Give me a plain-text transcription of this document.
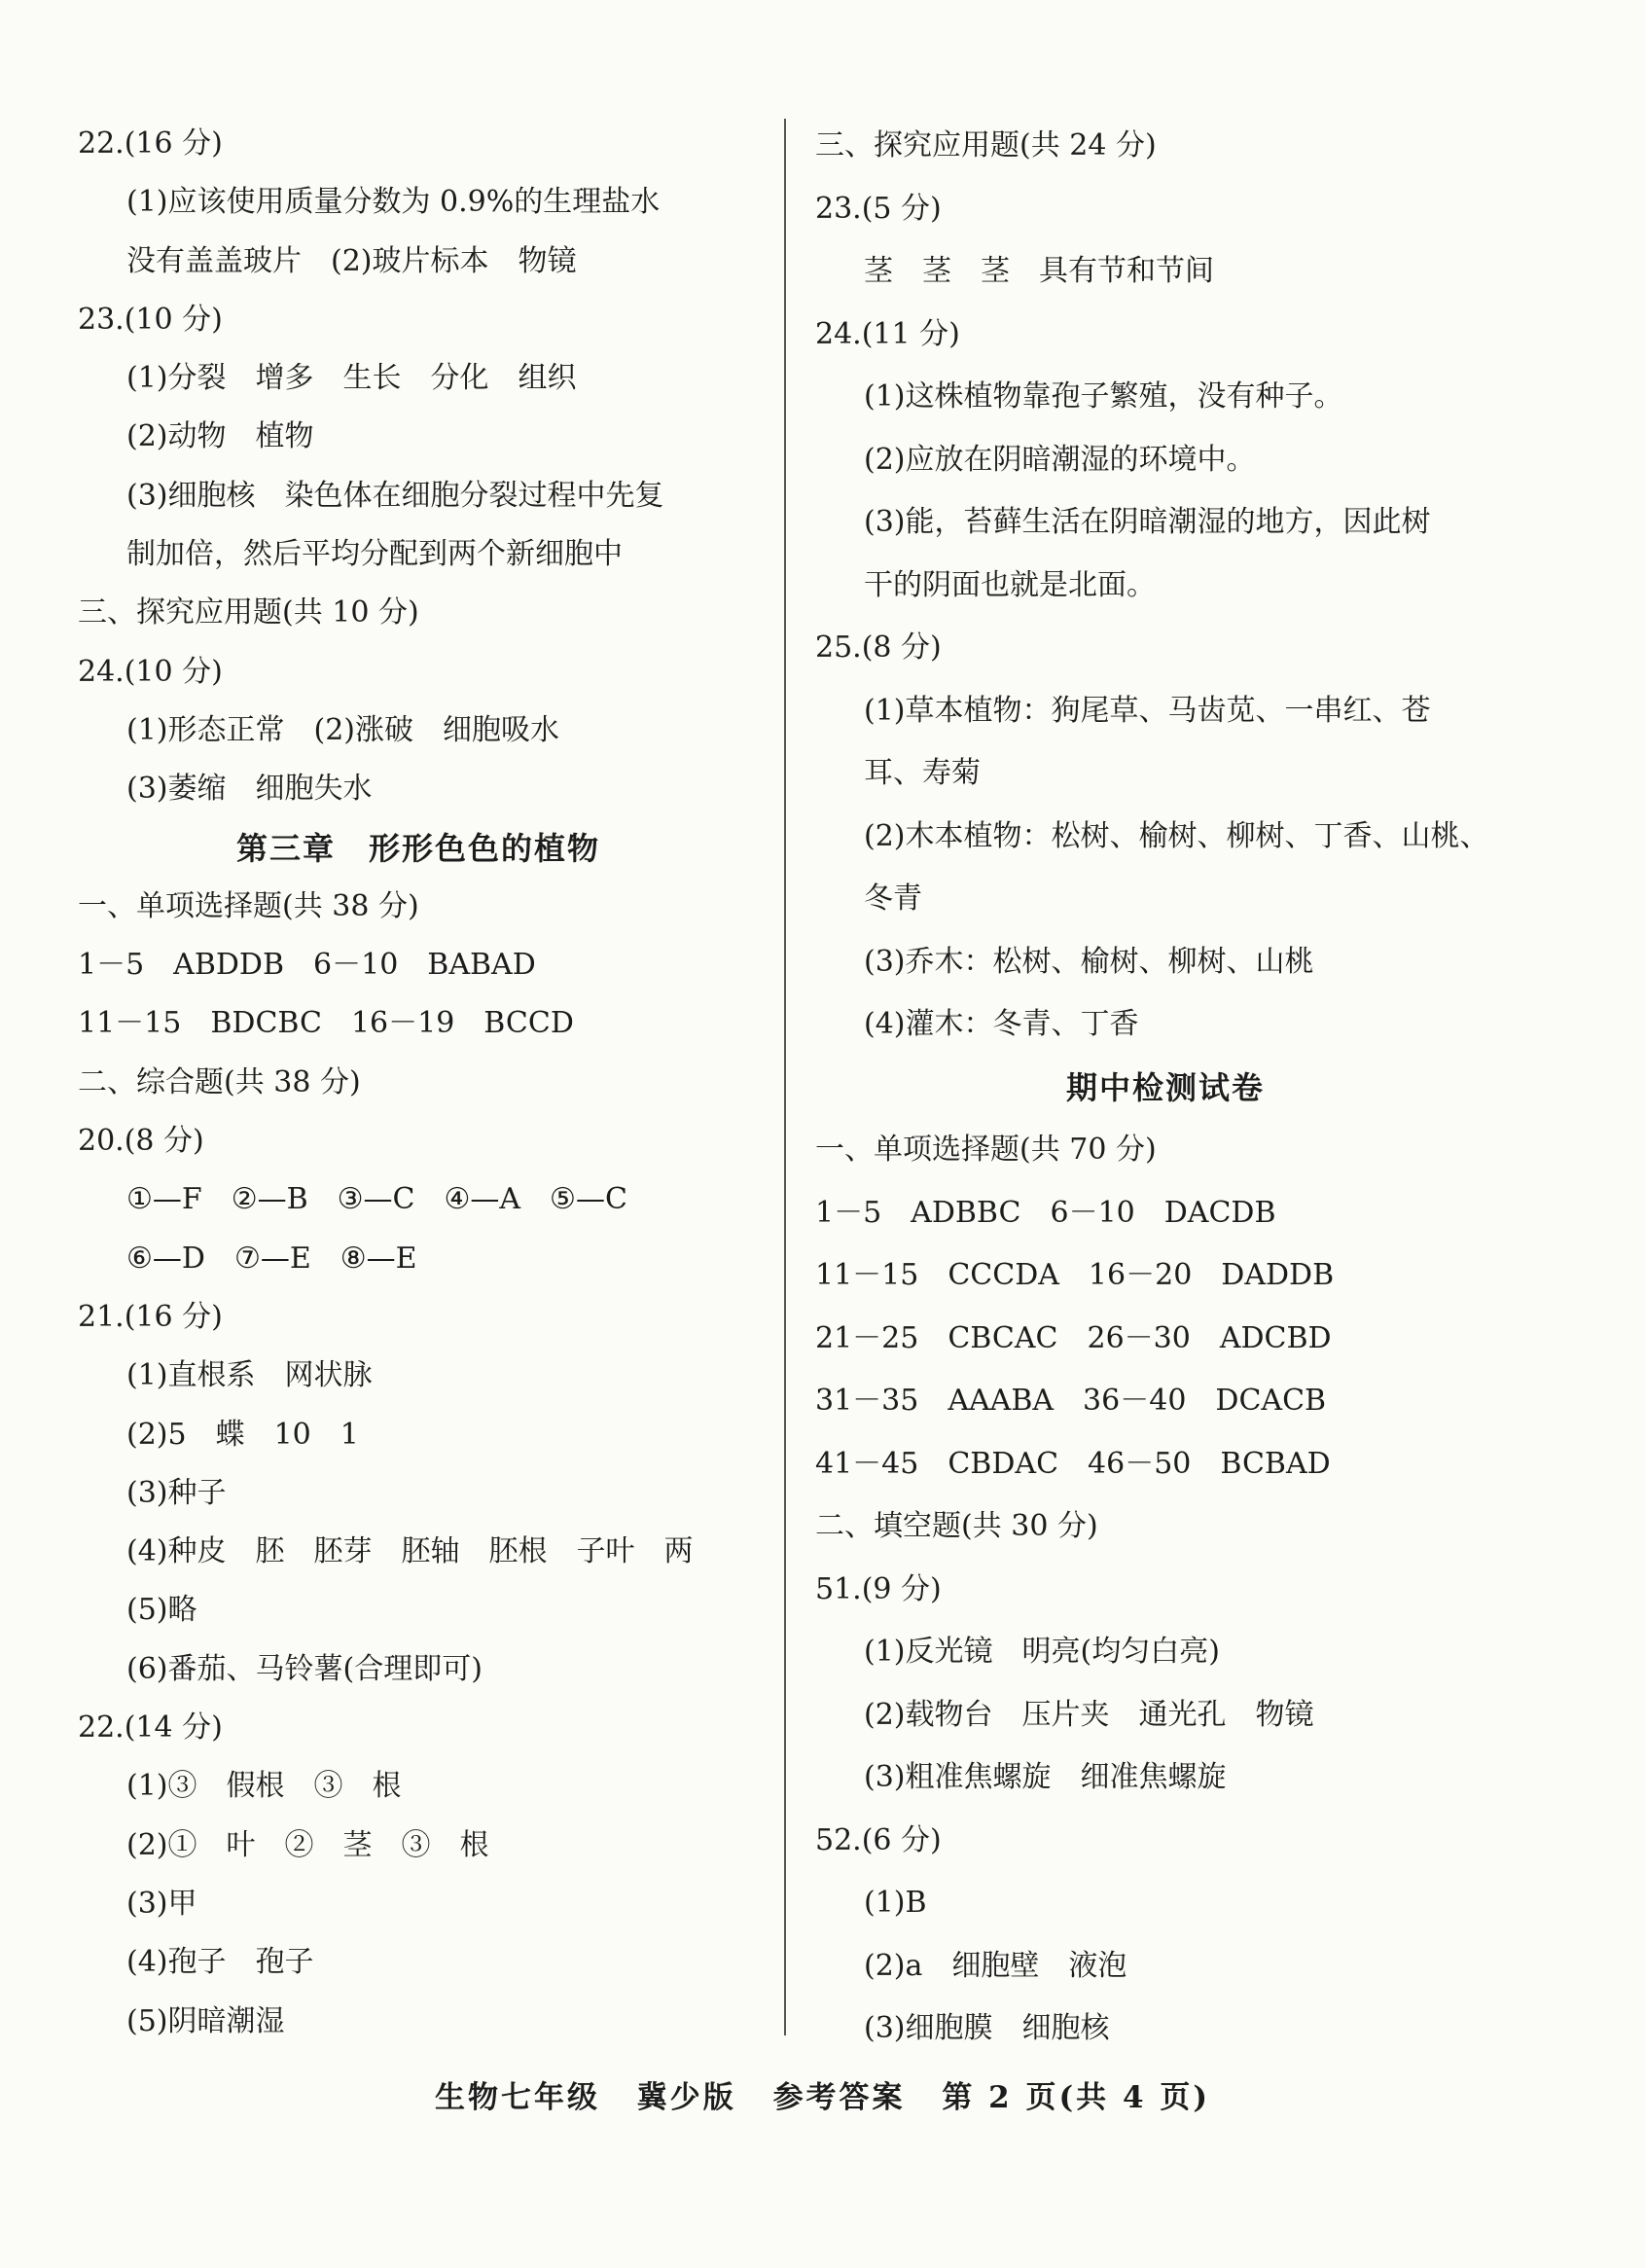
22.(16 分)
(1)应该使用质量分数为 0.9%的生理盐水
没有盖盖玻片　(2)玻片标本　物镜
23.(10 分)
(1)分裂　增多　生长　分化　组织
(2)动物　植物
(3)细胞核　染色体在细胞分裂过程中先复
制加倍，然后平均分配到两个新细胞中
三、探究应用题(共 10 分)
24.(10 分)
(1)形态正常　(2)涨破　细胞吸水
(3)萎缩　细胞失水
第三章　形形色色的植物
一、单项选择题(共 38 分)
1－5　ABDDB　6－10　BABAD
11－15　BDCBC　16－19　BCCD
二、综合题(共 38 分)
20.(8 分)
①—F　②—B　③—C　④—A　⑤—C
⑥—D　⑦—E　⑧—E
21.(16 分)
(1)直根系　网状脉
(2)5　蝶　10　1
(3)种子
(4)种皮　胚　胚芽　胚轴　胚根　子叶　两
(5)略
(6)番茄、马铃薯(合理即可)
22.(14 分)
(1)③　假根　③　根
(2)①　叶　②　茎　③　根
(3)甲
(4)孢子　孢子
(5)阴暗潮湿
三、探究应用题(共 24 分)
23.(5 分)
茎　茎　茎　具有节和节间
24.(11 分)
(1)这株植物靠孢子繁殖，没有种子。
(2)应放在阴暗潮湿的环境中。
(3)能，苔藓生活在阴暗潮湿的地方，因此树
干的阴面也就是北面。
25.(8 分)
(1)草本植物：狗尾草、马齿苋、一串红、苍
耳、寿菊
(2)木本植物：松树、榆树、柳树、丁香、山桃、
冬青
(3)乔木：松树、榆树、柳树、山桃
(4)灌木：冬青、丁香
期中检测试卷
一、单项选择题(共 70 分)
1－5　ADBBC　6－10　DACDB
11－15　CCCDA　16－20　DADDB
21－25　CBCAC　26－30　ADCBD
31－35　AAABA　36－40　DCACB
41－45　CBDAC　46－50　BCBAD
二、填空题(共 30 分)
51.(9 分)
(1)反光镜　明亮(均匀白亮)
(2)载物台　压片夹　通光孔　物镜
(3)粗准焦螺旋　细准焦螺旋
52.(6 分)
(1)B
(2)a　细胞壁　液泡
(3)细胞膜　细胞核
生物七年级 冀少版 参考答案 第 2 页(共 4 页)
